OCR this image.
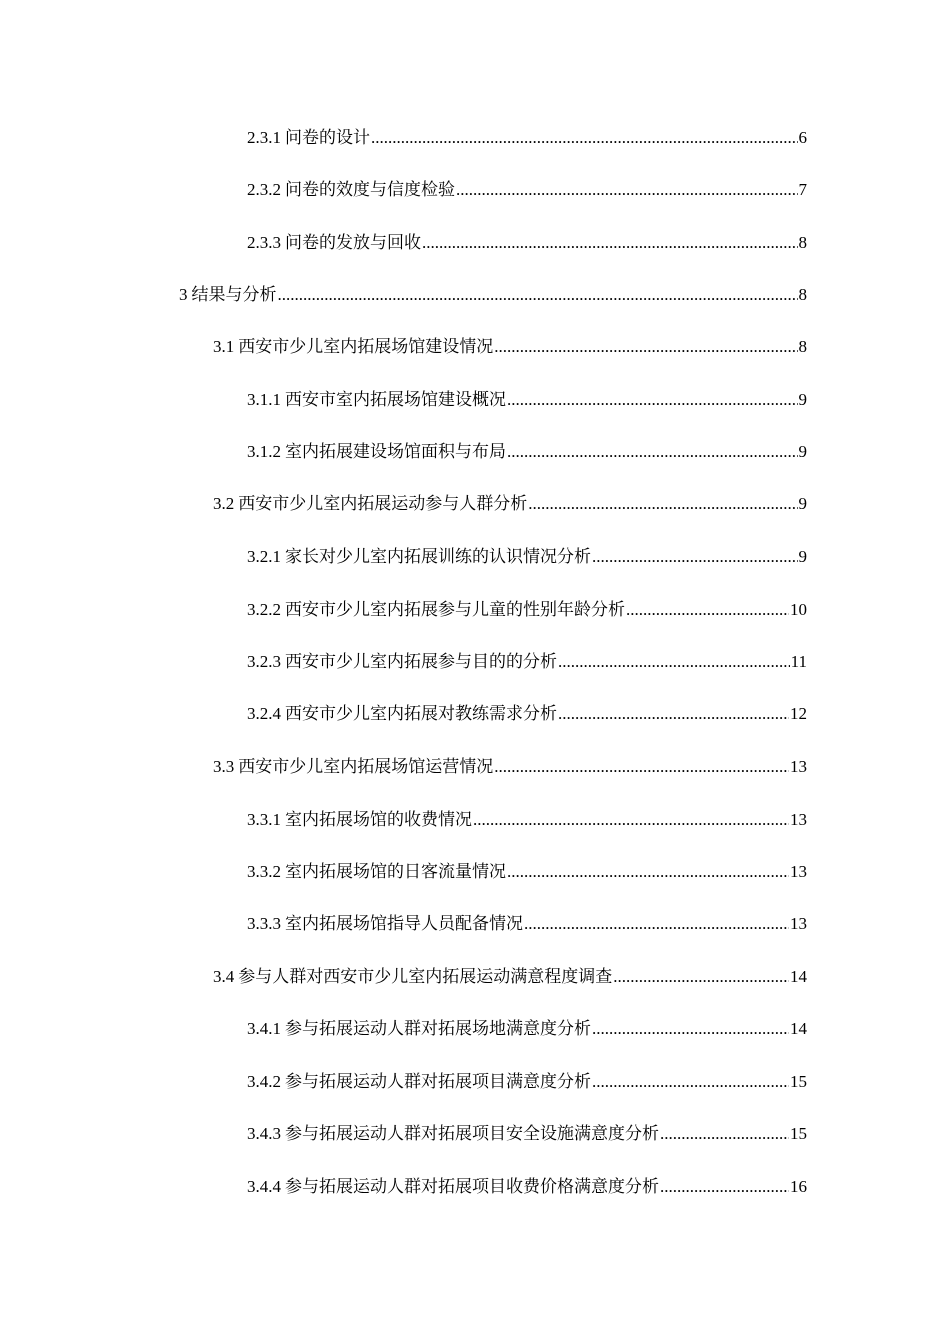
2.3.1 问卷的设计 .....	6
2.3.2 问卷的效度与信度检验 .....	7
2.3.3 问卷的发放与回收 .....	8
3 结果与分析 .....	8
3.1 西安市少儿室内拓展场馆建设情况 .....	8
3.1.1 西安市室内拓展场馆建设概况 .....	9
3.1.2 室内拓展建设场馆面积与布局 .....	9
3.2 西安市少儿室内拓展运动参与人群分析 .....	9
3.2.1 家长对少儿室内拓展训练的认识情况分析 .....	9
3.2.2 西安市少儿室内拓展参与儿童的性别年龄分析 .....	10
3.2.3 西安市少儿室内拓展参与目的的分析 .....	11
3.2.4 西安市少儿室内拓展对教练需求分析 .....	12
3.3 西安市少儿室内拓展场馆运营情况 .....	13
3.3.1 室内拓展场馆的收费情况 .....	13
3.3.2 室内拓展场馆的日客流量情况 .....	13
3.3.3 室内拓展场馆指导人员配备情况 .....	13
3.4 参与人群对西安市少儿室内拓展运动满意程度调查 .....	14
3.4.1 参与拓展运动人群对拓展场地满意度分析 .....	14
3.4.2 参与拓展运动人群对拓展项目满意度分析 .....	15
3.4.3 参与拓展运动人群对拓展项目安全设施满意度分析 .....	15
3.4.4 参与拓展运动人群对拓展项目收费价格满意度分析 .....	16
